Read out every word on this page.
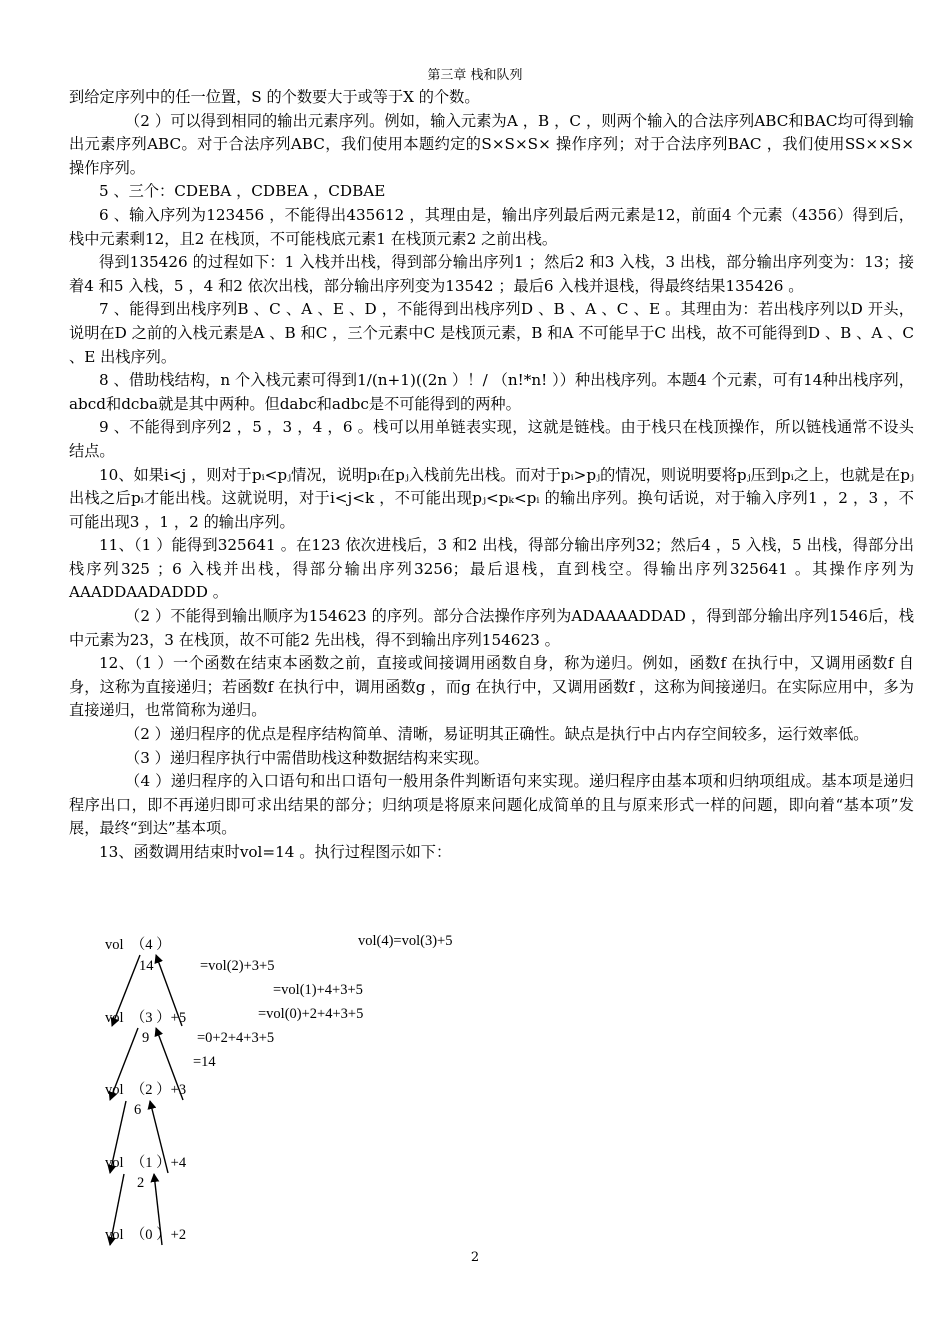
第三章 栈和队列

到给定序列中的任一位置，S 的个数要大于或等于X 的个数。

（2 ）可以得到相同的输出元素序列。例如，输入元素为A ，B ，C ，则两个输入的合法序列ABC和BAC均可得到输出元素序列ABC。对于合法序列ABC，我们使用本题约定的S×S×S× 操作序列；对于合法序列BAC ，我们使用SS××S× 操作序列。

5 、三个：CDEBA ，CDBEA ，CDBAE

6 、输入序列为123456 ，不能得出435612 ，其理由是，输出序列最后两元素是12，前面4 个元素（4356）得到后，栈中元素剩12，且2 在栈顶，不可能栈底元素1 在栈顶元素2 之前出栈。

得到135426 的过程如下：1 入栈并出栈，得到部分输出序列1 ；然后2 和3 入栈，3 出栈，部分输出序列变为：13；接着4 和5 入栈，5 ，4 和2 依次出栈，部分输出序列变为13542 ；最后6 入栈并退栈，得最终结果135426 。

7 、能得到出栈序列B 、C 、A 、E 、D ，不能得到出栈序列D 、B 、A 、C 、E 。其理由为：若出栈序列以D 开头，说明在D 之前的入栈元素是A 、B 和C ，三个元素中C 是栈顶元素，B 和A 不可能早于C 出栈，故不可能得到D 、B 、A 、C 、E 出栈序列。

8 、借助栈结构，n 个入栈元素可得到1/(n+1)((2n ）！/ （n!*n! ））种出栈序列。本题4 个元素，可有14种出栈序列，abcd和dcba就是其中两种。但dabc和adbc是不可能得到的两种。

9 、不能得到序列2 ，5 ，3 ，4 ，6 。栈可以用单链表实现，这就是链栈。由于栈只在栈顶操作，所以链栈通常不设头结点。

10、如果i<j ，则对于pᵢ<pⱼ情况，说明pᵢ在pⱼ入栈前先出栈。而对于pᵢ>pⱼ的情况，则说明要将pⱼ压到pᵢ之上，也就是在pⱼ出栈之后pᵢ才能出栈。这就说明，对于i<j<k ，不可能出现pⱼ<pₖ<pᵢ 的输出序列。换句话说，对于输入序列1 ，2 ，3 ，不可能出现3 ，1 ，2 的输出序列。

11、（1 ）能得到325641 。在123 依次进栈后，3 和2 出栈，得部分输出序列32；然后4 ，5 入栈，5 出栈，得部分出栈序列325 ；6 入栈并出栈，得部分输出序列3256；最后退栈，直到栈空。得输出序列325641 。其操作序列为AAADDAADADDD 。

（2 ）不能得到输出顺序为154623 的序列。部分合法操作序列为ADAAAADDAD ，得到部分输出序列1546后，栈中元素为23，3 在栈顶，故不可能2 先出栈，得不到输出序列154623 。

12、（1 ）一个函数在结束本函数之前，直接或间接调用函数自身，称为递归。例如，函数f 在执行中，又调用函数f 自身，这称为直接递归；若函数f 在执行中，调用函数g ，而g 在执行中，又调用函数f ，这称为间接递归。在实际应用中，多为直接递归，也常简称为递归。

（2 ）递归程序的优点是程序结构简单、清晰，易证明其正确性。缺点是执行中占内存空间较多，运行效率低。

（3 ）递归程序执行中需借助栈这种数据结构来实现。

（4 ）递归程序的入口语句和出口语句一般用条件判断语句来实现。递归程序由基本项和归纳项组成。基本项是递归程序出口，即不再递归即可求出结果的部分；归纳项是将原来问题化成简单的且与原来形式一样的问题，即向着“基本项”发展，最终“到达”基本项。

13、函数调用结束时vol=14 。执行过程图示如下：

vol  （4 ）
vol  （3 ）+5
vol  （2 ）+3
vol  （1 ）+4
vol  （0 ）+2
14
9
6
2
vol(4)=vol(3)+5
=vol(2)+3+5
=vol(1)+4+3+5
=vol(0)+2+4+3+5
=0+2+4+3+5
=14
2
